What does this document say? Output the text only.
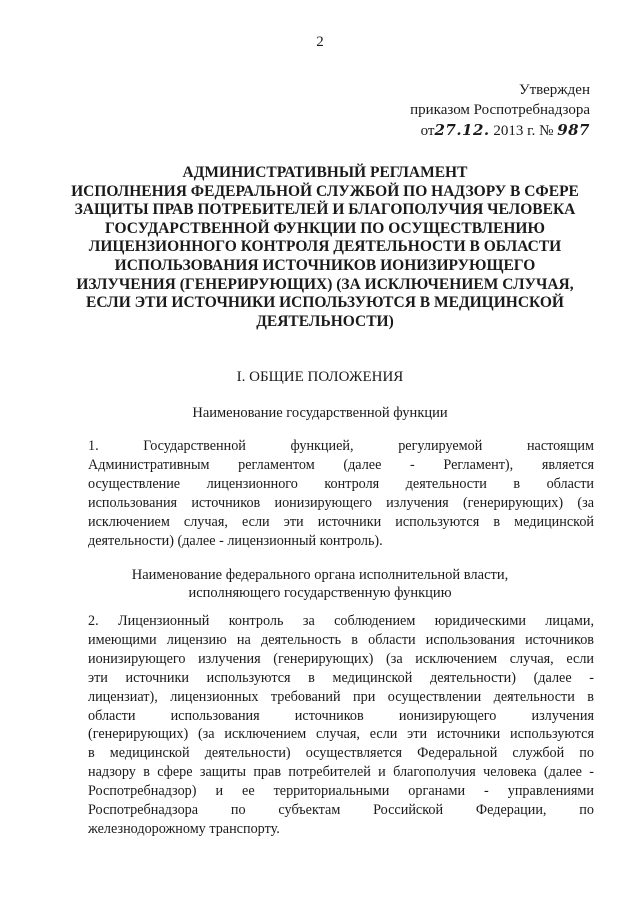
2
Утвержден
приказом Роспотребнадзора
от27.12. 2013 г. № 987
АДМИНИСТРАТИВНЫЙ РЕГЛАМЕНТ
ИСПОЛНЕНИЯ ФЕДЕРАЛЬНОЙ СЛУЖБОЙ ПО НАДЗОРУ В СФЕРЕ
ЗАЩИТЫ ПРАВ ПОТРЕБИТЕЛЕЙ И БЛАГОПОЛУЧИЯ ЧЕЛОВЕКА
ГОСУДАРСТВЕННОЙ ФУНКЦИИ ПО ОСУЩЕСТВЛЕНИЮ
ЛИЦЕНЗИОННОГО КОНТРОЛЯ ДЕЯТЕЛЬНОСТИ В ОБЛАСТИ
ИСПОЛЬЗОВАНИЯ ИСТОЧНИКОВ ИОНИЗИРУЮЩЕГО
ИЗЛУЧЕНИЯ (ГЕНЕРИРУЮЩИХ) (ЗА ИСКЛЮЧЕНИЕМ СЛУЧАЯ,
ЕСЛИ ЭТИ ИСТОЧНИКИ ИСПОЛЬЗУЮТСЯ В МЕДИЦИНСКОЙ
ДЕЯТЕЛЬНОСТИ)
I. ОБЩИЕ ПОЛОЖЕНИЯ
Наименование государственной функции
1. Государственной функцией, регулируемой настоящим
Административным регламентом (далее - Регламент), является
осуществление лицензионного контроля деятельности в области
использования источников ионизирующего излучения (генерирующих) (за
исключением случая, если эти источники используются в медицинской
деятельности) (далее - лицензионный контроль).
Наименование федерального органа исполнительной власти,
исполняющего государственную функцию
2. Лицензионный контроль за соблюдением юридическими лицами,
имеющими лицензию на деятельность в области использования источников
ионизирующего излучения (генерирующих) (за исключением случая, если
эти источники используются в медицинской деятельности) (далее -
лицензиат), лицензионных требований при осуществлении деятельности в
области использования источников ионизирующего излучения
(генерирующих) (за исключением случая, если эти источники используются
в медицинской деятельности) осуществляется Федеральной службой по
надзору в сфере защиты прав потребителей и благополучия человека (далее -
Роспотребнадзор) и ее территориальными органами - управлениями
Роспотребнадзора по субъектам Российской Федерации, по
железнодорожному транспорту.
